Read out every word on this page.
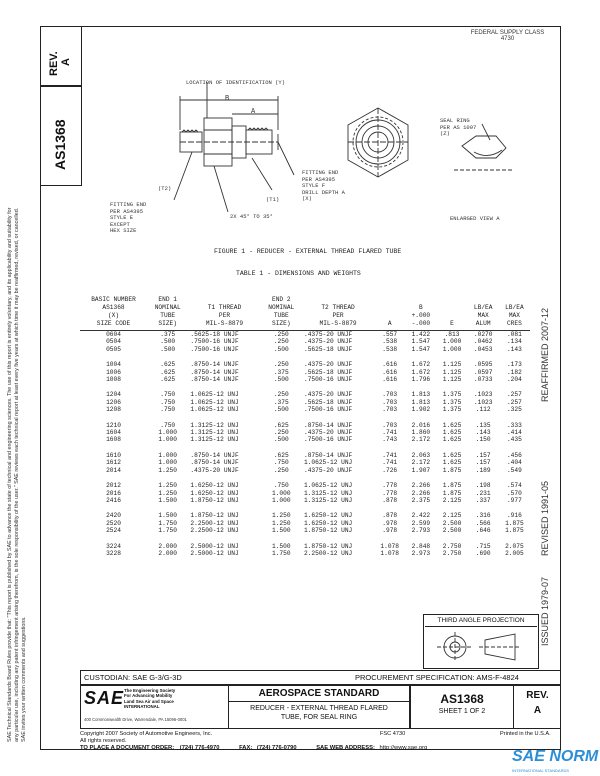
REV.
A
AS1368
SAE Technical Standards Board Rules provide that: "This report is published by SAE to advance the state of technical and engineering sciences. The use of this report is entirely voluntary, and its applicability and suitability for any particular use, including any patent infringement arising therefrom, is the sole responsibility of the user." SAE reviews each technical report at least every five years at which time it may be reaffirmed, revised, or cancelled. SAE invites your written comments and suggestions.
FEDERAL SUPPLY CLASS
4730
LOCATION OF IDENTIFICATION (Y)
B
A
FITTING END
PER AS4395
STYLE F
DRILL DEPTH A
(X)
(T1)
(T2)
FITTING END
PER AS4395
STYLE E
EXCEPT
HEX SIZE
2X 45° TO 35°
SEAL RING
PER AS 1097
(Z)
ENLARGED VIEW A
FIGURE 1 - REDUCER - EXTERNAL THREAD FLARED TUBE
TABLE 1 - DIMENSIONS AND WEIGHTS
BASIC NUMBER
AS1368
(X)
SIZE CODE	END 1
NOMINAL
TUBE
SIZE)	T1 THREAD
PER
MIL-S-8879	END 2
NOMINAL
TUBE
SIZE)	T2 THREAD
PER
MIL-S-8879	A	B
+.000
-.000	E	LB/EA
MAX
ALUM	LB/EA
MAX
CRES
0604	.375	.5625-18 UNJF	.250	.4375-20 UNJF	.557	1.422	.813	.0270	.081
0504	.500	.7500-16 UNJF	.250	.4375-20 UNJF	.538	1.547	1.000	.0462	.134
0505	.500	.7500-16 UNJF	.500	.5625-18 UNJF	.538	1.547	1.000	.0453	.143

1004	.625	.8750-14 UNJF	.250	.4375-20 UNJF	.616	1.672	1.125	.0595	.173
1006	.625	.8750-14 UNJF	.375	.5625-18 UNJF	.616	1.672	1.125	.0597	.182
1008	.625	.8750-14 UNJF	.500	.7500-16 UNJF	.616	1.796	1.125	.0733	.204

1204	.750	1.0625-12 UNJ	.250	.4375-20 UNJF	.703	1.813	1.375	.1023	.257
1206	.750	1.0625-12 UNJ	.375	.5625-18 UNJF	.703	1.813	1.375	.1023	.257
1208	.750	1.0625-12 UNJ	.500	.7500-16 UNJF	.703	1.902	1.375	.112	.325

1210	.750	1.3125-12 UNJ	.625	.8750-14 UNJF	.703	2.016	1.625	.135	.333
1604	1.000	1.3125-12 UNJ	.250	.4375-20 UNJF	.741	1.860	1.625	.143	.414
1608	1.000	1.3125-12 UNJ	.500	.7500-16 UNJF	.743	2.172	1.625	.150	.435

1610	1.000	.8750-14 UNJF	.625	.8750-14 UNJF	.741	2.063	1.625	.157	.456
1612	1.000	.8750-14 UNJF	.750	1.0625-12 UNJ	.741	2.172	1.625	.157	.404
2014	1.250	.4375-20 UNJF	.250	.4375-20 UNJF	.726	1.907	1.875	.189	.549

2012	1.250	1.6250-12 UNJ	.750	1.0625-12 UNJ	.778	2.266	1.875	.198	.574
2016	1.250	1.6250-12 UNJ	1.000	1.3125-12 UNJ	.778	2.266	1.875	.231	.570
2416	1.500	1.8750-12 UNJ	1.000	1.3125-12 UNJ	.878	2.375	2.125	.337	.977

2420	1.500	1.8750-12 UNJ	1.250	1.6250-12 UNJ	.878	2.422	2.125	.316	.916
2520	1.750	2.2500-12 UNJ	1.250	1.6250-12 UNJ	.978	2.599	2.500	.566	1.875
2524	1.750	2.2500-12 UNJ	1.500	1.8750-12 UNJ	.978	2.793	2.500	.646	1.875

3224	2.000	2.5000-12 UNJ	1.500	1.8750-12 UNJ	1.078	2.848	2.750	.715	2.075
3228	2.000	2.5000-12 UNJ	1.750	2.2500-12 UNJ	1.078	2.973	2.750	.690	2.005
REAFFIRMED 2007-12
REVISED 1991-05
ISSUED 1979-07
THIRD ANGLE PROJECTION
CUSTODIAN: SAE G-3/G-3D	PROCUREMENT SPECIFICATION: AMS-F-4824
SAE The Engineering Society
For Advancing Mobility
Land Sea Air and Space
INTERNATIONAL
400 Commonwealth Drive, Warrendale, PA 15096-0001
AEROSPACE STANDARD
REDUCER - EXTERNAL THREAD FLARED
TUBE, FOR SEAL RING
AS1368
SHEET 1 OF 2
REV.
A
Copyright 2007 Society of Automotive Engineers, Inc.
All rights reserved.
FSC 4730	Printed in the U.S.A.
TO PLACE A DOCUMENT ORDER: (724) 776-4970	FAX: (724) 776-0790	SAE WEB ADDRESS: http://www.sae.org	SAE NORM
INTERNATIONAL STANDARDS
